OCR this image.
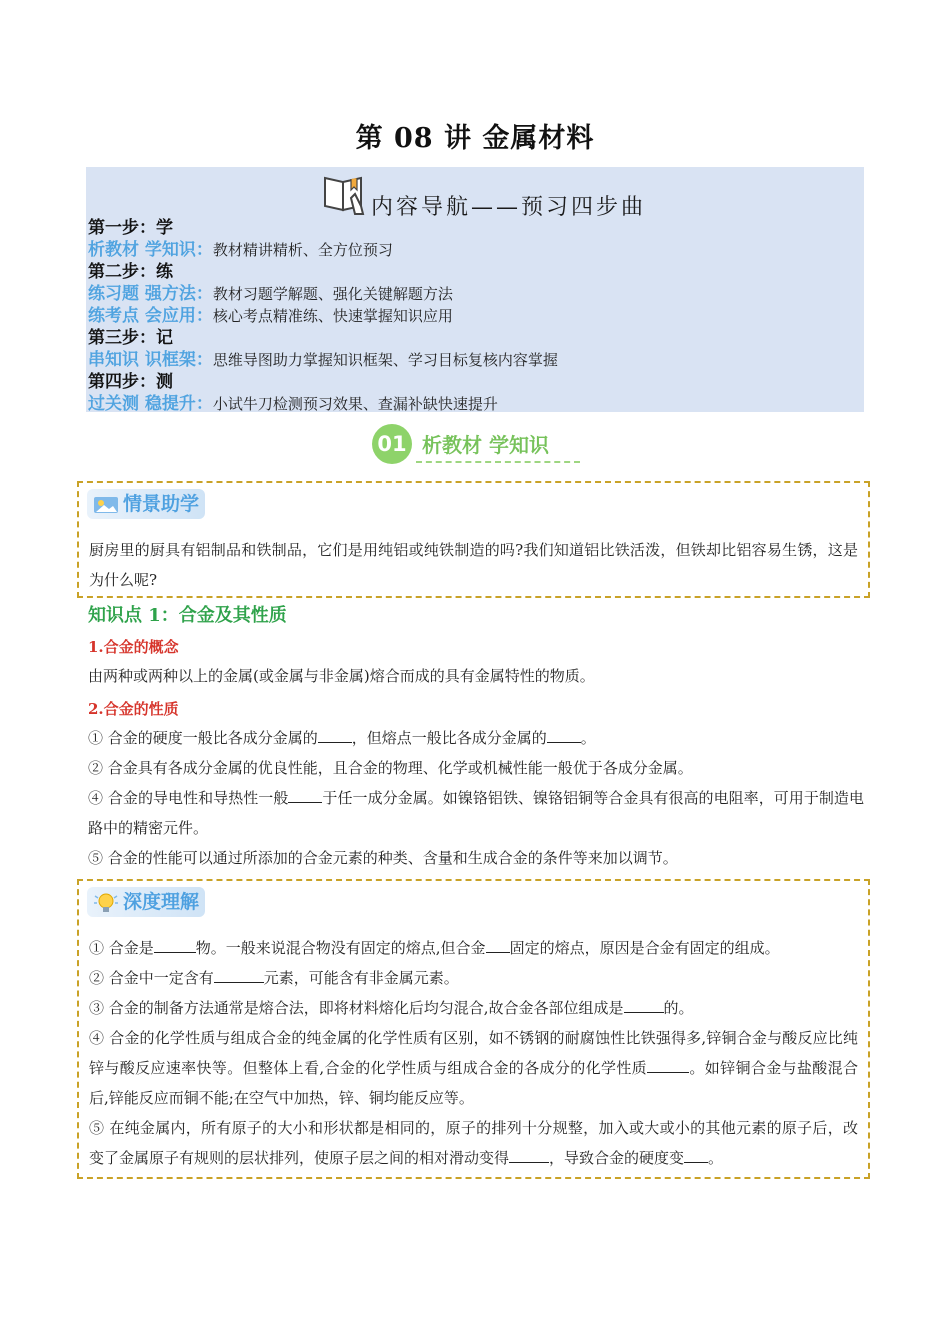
第 08 讲 金属材料
内容导航——预习四步曲
第一步：学
析教材 学知识：教材精讲精析、全方位预习
第二步：练
练习题 强方法：教材习题学解题、强化关键解题方法
练考点 会应用：核心考点精准练、快速掌握知识应用
第三步：记
串知识 识框架：思维导图助力掌握知识框架、学习目标复核内容掌握
第四步：测
过关测 稳提升：小试牛刀检测预习效果、查漏补缺快速提升
01 析教材 学知识
情景助学
厨房里的厨具有铝制品和铁制品，它们是用纯铝或纯铁制造的吗?我们知道铝比铁活泼，但铁却比铝容易生锈，这是为什么呢?
知识点 1：合金及其性质
1.合金的概念
由两种或两种以上的金属(或金属与非金属)熔合而成的具有金属特性的物质。
2.合金的性质
① 合金的硬度一般比各成分金属的 ，但熔点一般比各成分金属的 。
② 合金具有各成分金属的优良性能，且合金的物理、化学或机械性能一般优于各成分金属。
④ 合金的导电性和导热性一般 于任一成分金属。如镍铬铝铁、镍铬铝铜等合金具有很高的电阻率，可用于制造电路中的精密元件。
⑤ 合金的性能可以通过所添加的合金元素的种类、含量和生成合金的条件等来加以调节。
深度理解
① 合金是	物。一般来说混合物没有固定的熔点,但合金 固定的熔点，原因是合金有固定的组成。
② 合金中一定含有	元素，可能含有非金属元素。
③ 合金的制备方法通常是熔合法，即将材料熔化后均匀混合,故合金各部位组成是	的。
④ 合金的化学性质与组成合金的纯金属的化学性质有区别，如不锈钢的耐腐蚀性比铁强得多,锌铜合金与酸反应比纯锌与酸反应速率快等。但整体上看,合金的化学性质与组成合金的各成分的化学性质	。如锌铜合金与盐酸混合后,锌能反应而铜不能;在空气中加热，锌、铜均能反应等。
⑤ 在纯金属内，所有原子的大小和形状都是相同的，原子的排列十分规整，加入或大或小的其他元素的原子后，改变了金属原子有规则的层状排列，使原子层之间的相对滑动变得	，导致合金的硬度变 。
